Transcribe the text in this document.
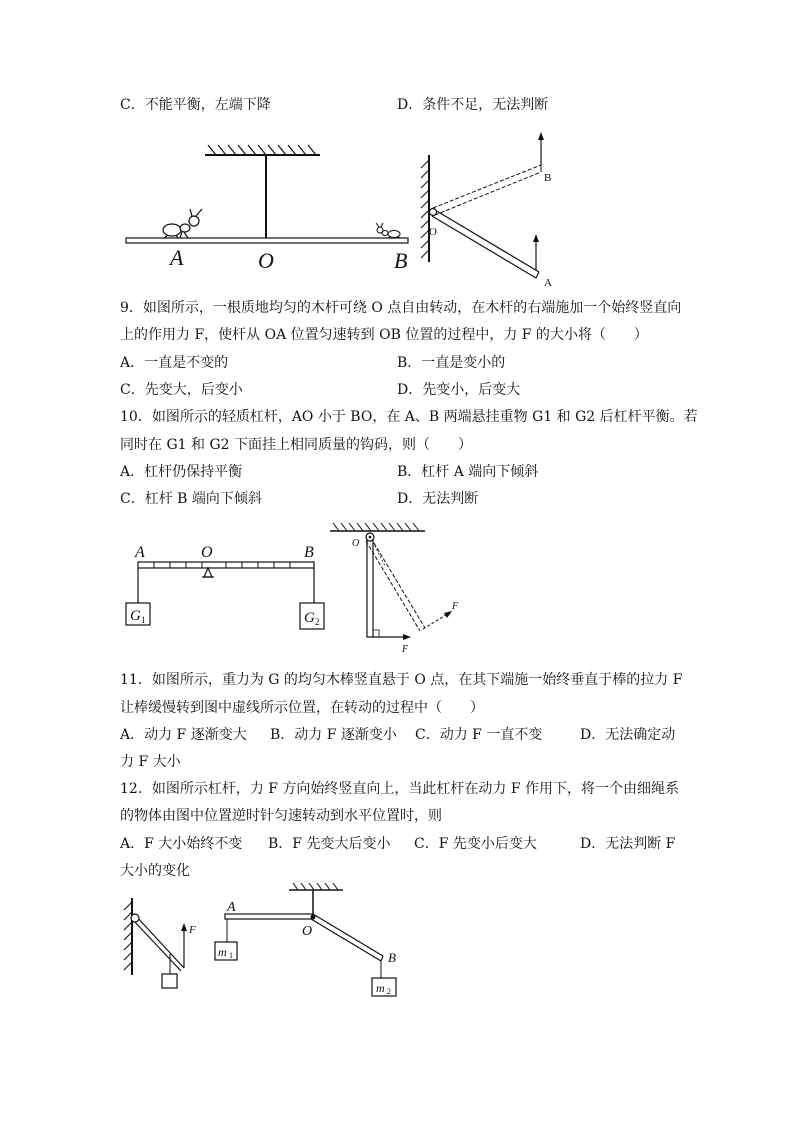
C．不能平衡，左端下降	D．条件不足，无法判断
A	O	B
O
A
B
9．如图所示，一根质地均匀的木杆可绕 O 点自由转动，在木杆的右端施加一个始终竖直向
上的作用力 F，使杆从 OA 位置匀速转到 OB 位置的过程中，力 F 的大小将（　　）
A．一直是不变的	B．一直是变小的
C．先变大，后变小	D．先变小，后变大
10．如图所示的轻质杠杆，AO 小于 BO，在 A、B 两端悬挂重物 G1 和 G2 后杠杆平衡。若
同时在 G1 和 G2 下面挂上相同质量的钩码，则（　　）
A．杠杆仍保持平衡	B．杠杆 A 端向下倾斜
C．杠杆 B 端向下倾斜	D．无法判断
A	O	B
G 1	G 2
O
F
F
11．如图所示，重力为 G 的均匀木棒竖直悬于 O 点，在其下端施一始终垂直于棒的拉力 F
让棒缓慢转到图中虚线所示位置，在转动的过程中（　　）
A．动力 F 逐渐变大 B．动力 F 逐渐变小 C．动力 F 一直不变	D．无法确定动
力 F 大小
12．如图所示杠杆，力 F 方向始终竖直向上，当此杠杆在动力 F 作用下，将一个由细绳系
的物体由图中位置逆时针匀速转动到水平位置时，则
A．F 大小始终不变 B．F 先变大后变小 C．F 先变小后变大	D．无法判断 F
大小的变化
F
A
O
B
m 1
m 2
